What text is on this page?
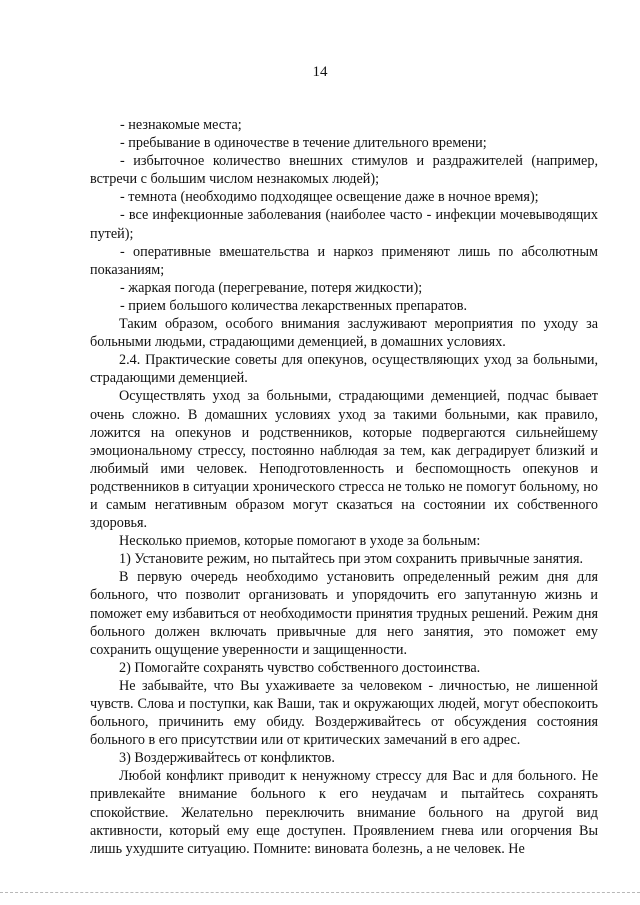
14

- незнакомые места;

- пребывание в одиночестве в течение длительного времени;

- избыточное количество внешних стимулов и раздражителей (например, встречи с большим числом незнакомых людей);

- темнота (необходимо подходящее освещение даже в ночное время);

- все инфекционные заболевания (наиболее часто - инфекции мочевыводящих путей);

- оперативные вмешательства и наркоз применяют лишь по абсолютным показаниям;

- жаркая погода (перегревание, потеря жидкости);

- прием большого количества лекарственных препаратов.

Таким образом, особого внимания заслуживают мероприятия по уходу за больными людьми, страдающими деменцией, в домашних условиях.

2.4. Практические советы для опекунов, осуществляющих уход за больными, страдающими деменцией.

Осуществлять уход за больными, страдающими деменцией, подчас бывает очень сложно. В домашних условиях уход за такими больными, как правило, ложится на опекунов и родственников, которые подвергаются сильнейшему эмоциональному стрессу, постоянно наблюдая за тем, как деградирует близкий и любимый ими человек. Неподготовленность и беспомощность опекунов и родственников в ситуации хронического стресса не только не помогут больному, но и самым негативным образом могут сказаться на состоянии их собственного здоровья.

Несколько приемов, которые помогают в уходе за больным:

1) Установите режим, но пытайтесь при этом сохранить привычные занятия.

В первую очередь необходимо установить определенный режим дня для больного, что позволит организовать и упорядочить его запутанную жизнь и поможет ему избавиться от необходимости принятия трудных решений. Режим дня больного должен включать привычные для него занятия, это поможет ему сохранить ощущение уверенности и защищенности.

2) Помогайте сохранять чувство собственного достоинства.

Не забывайте, что Вы ухаживаете за человеком - личностью, не лишенной чувств. Слова и поступки, как Ваши, так и окружающих людей, могут обеспокоить больного, причинить ему обиду. Воздерживайтесь от обсуждения состояния больного в его присутствии или от критических замечаний в его адрес.

3) Воздерживайтесь от конфликтов.

Любой конфликт приводит к ненужному стрессу для Вас и для больного. Не привлекайте внимание больного к его неудачам и пытайтесь сохранять спокойствие. Желательно переключить внимание больного на другой вид активности, который ему еще доступен. Проявлением гнева или огорчения Вы лишь ухудшите ситуацию. Помните: виновата болезнь, а не человек. Не
